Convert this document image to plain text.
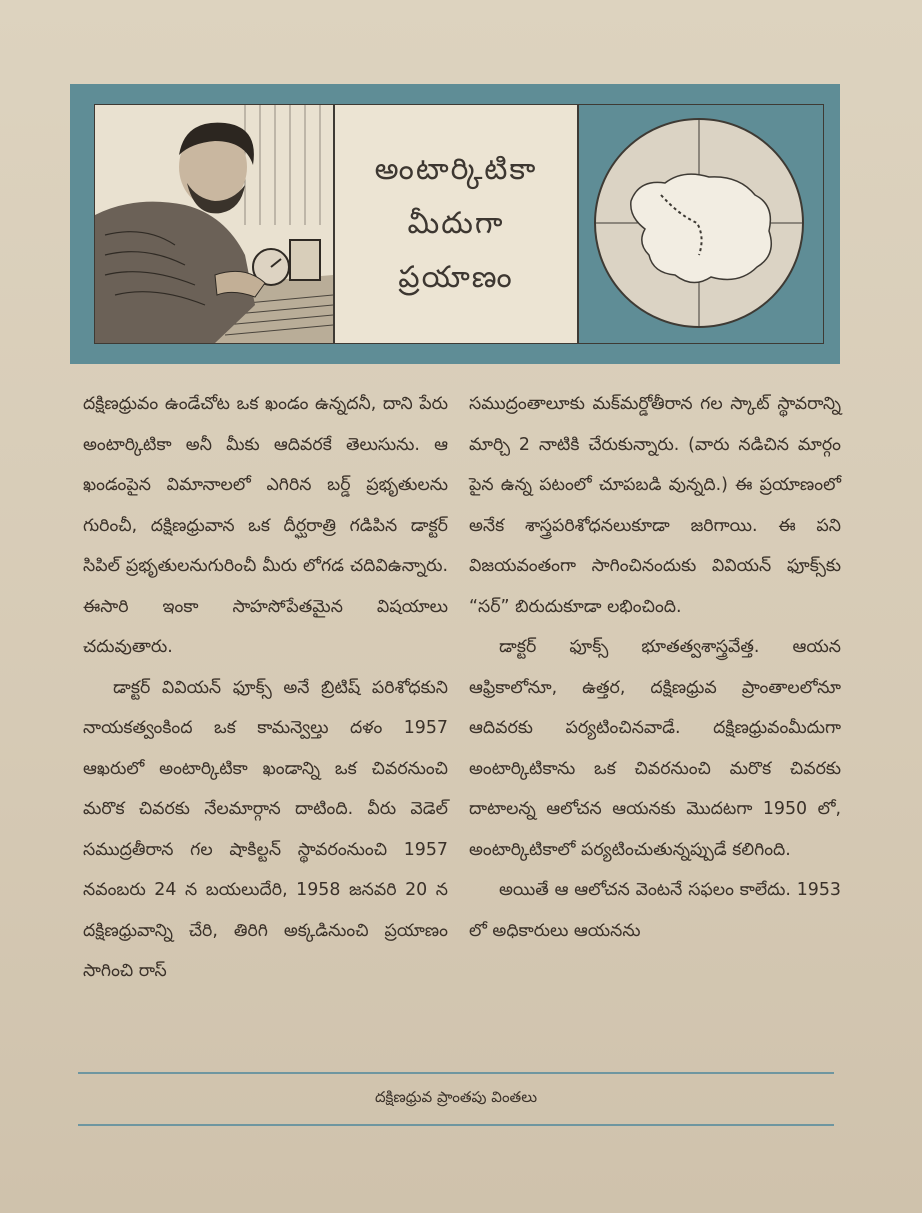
అంటార్కిటికా
మీదుగా
ప్రయాణం

దక్షిణధ్రువం ఉండేచోట ఒక ఖండం ఉన్నదనీ, దాని పేరు అంటార్కిటికా అనీ మీకు ఆదివరకే తెలుసును. ఆ ఖండంపైన విమానాలలో ఎగిరిన బర్డ్ ప్రభృతులను గురించీ, దక్షిణధ్రువాన ఒక దీర్ఘరాత్రి గడిపిన డాక్టర్ సిపిల్ ప్రభృతులనుగురించీ మీరు లోగడ చదివిఉన్నారు. ఈసారి ఇంకా సాహసోపేతమైన విషయాలు చదువుతారు.

డాక్టర్ వివియన్ ఫూక్స్ అనే బ్రిటిష్ పరిశోధకుని నాయకత్వంకింద ఒక కామన్వెల్తు దళం 1957 ఆఖరులో అంటార్కిటికా ఖండాన్ని ఒక చివరనుంచి మరొక చివరకు నేలమార్గాన దాటింది. వీరు వెడెల్ సముద్రతీరాన గల షాకిల్టన్ స్థావరంనుంచి 1957 నవంబరు 24 న బయలుదేరి, 1958 జనవరి 20 న దక్షిణధ్రువాన్ని చేరి, తిరిగి అక్కడినుంచి ప్రయాణం సాగించి రాస్

సముద్రంతాలూకు మక్‌మర్డోతీరాన గల స్కాట్ స్థావరాన్ని మార్చి 2 నాటికి చేరుకున్నారు. (వారు నడిచిన మార్గం పైన ఉన్న పటంలో చూపబడి వున్నది.) ఈ ప్రయాణంలో అనేక శాస్త్రపరిశోధనలుకూడా జరిగాయి. ఈ పని విజయవంతంగా సాగించినందుకు వివియన్ ఫూక్స్‌కు “సర్” బిరుదుకూడా లభించింది.

డాక్టర్ ఫూక్స్ భూతత్వశాస్త్రవేత్త. ఆయన ఆఫ్రికాలోనూ, ఉత్తర, దక్షిణధ్రువ ప్రాంతాలలోనూ ఆదివరకు పర్యటించినవాడే. దక్షిణధ్రువంమీదుగా అంటార్కిటికాను ఒక చివరనుంచి మరొక చివరకు దాటాలన్న ఆలోచన ఆయనకు మొదటగా 1950 లో, అంటార్కిటికాలో పర్యటించుతున్నప్పుడే కలిగింది.

అయితే ఆ ఆలోచన వెంటనే సఫలం కాలేదు. 1953 లో అధికారులు ఆయనను

దక్షిణధ్రువ ప్రాంతపు వింతలు
